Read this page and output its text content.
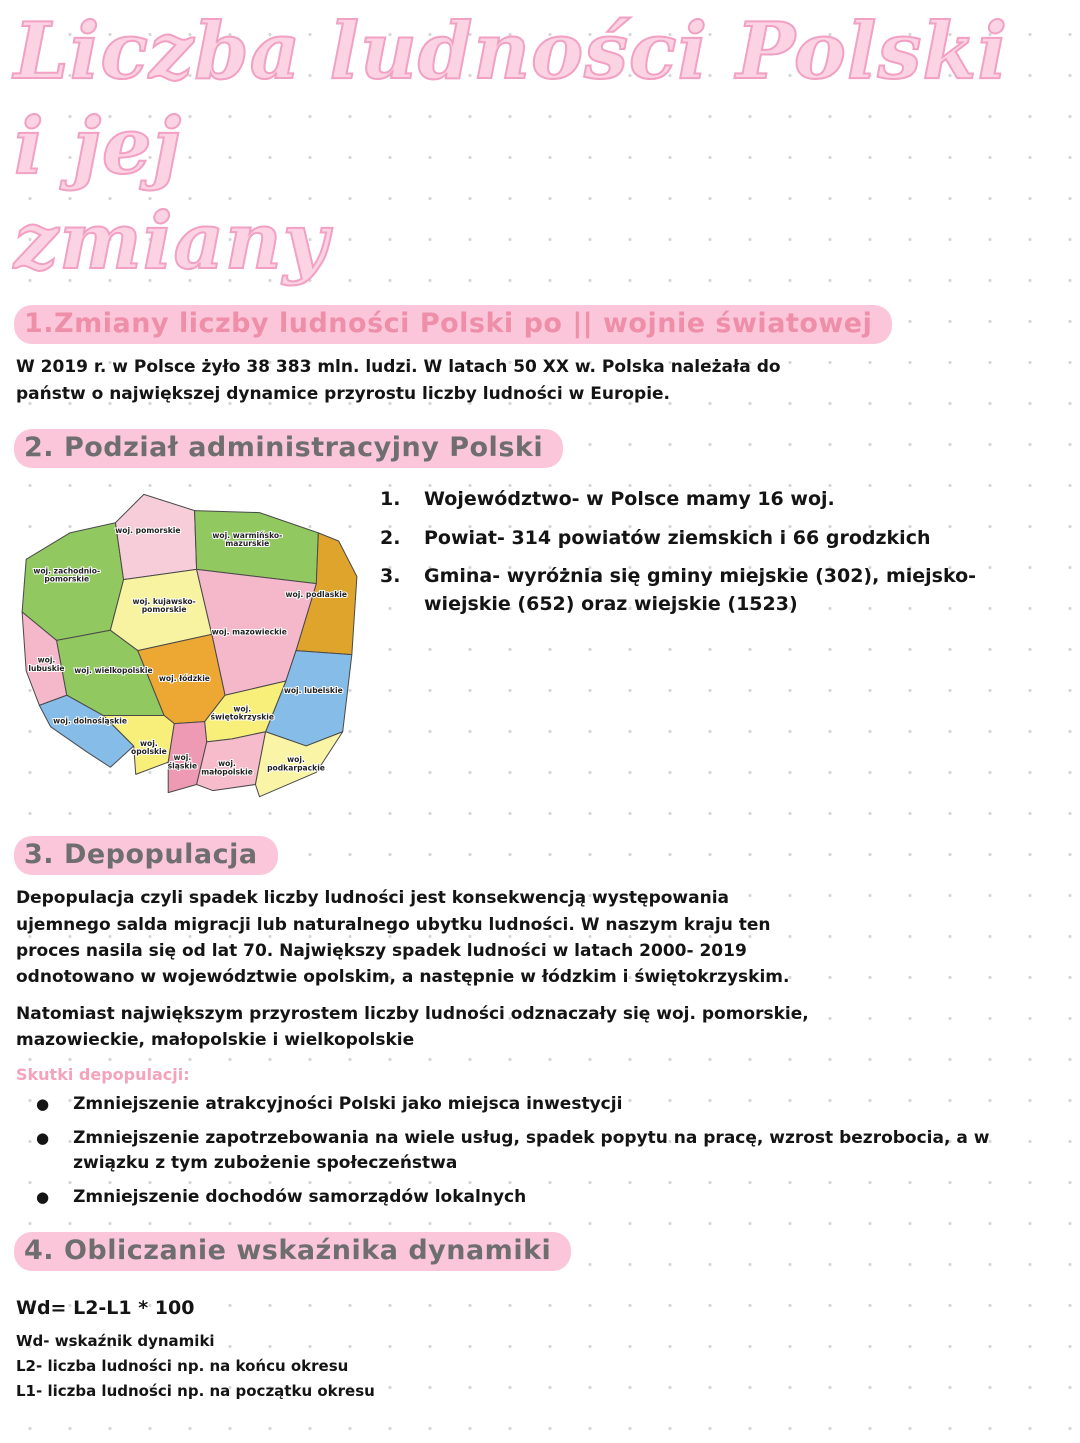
Liczba ludności Polski i jej
zmiany
1.Zmiany liczby ludności Polski po || wojnie światowej

W 2019 r. w Polsce żyło 38 383 mln. ludzi. W latach 50 XX w. Polska należała do państw o największej dynamice przyrostu liczby ludności w Europie.

2. Podział administracyjny Polski
woj. pomorskie
woj. warmińsko-
mazurskie
woj. zachodnio-
pomorskie
woj. kujawsko-
pomorskie
woj. podlaskie
woj. mazowieckie
woj. wielkopolskie
woj.
lubuskie
woj. łódzkie
woj. lubelskie
woj. dolnośląskie
woj.
opolskie
woj.
śląskie
woj.
świętokrzyskie
woj.
małopolskie
woj.
podkarpackie
1. Województwo- w Polsce mamy 16 woj.
2. Powiat- 314 powiatów ziemskich i 66 grodzkich
3. Gmina- wyróżnia się gminy miejskie (302), miejsko-wiejskie (652) oraz wiejskie (1523)
3. Depopulacja

Depopulacja czyli spadek liczby ludności jest konsekwencją występowania ujemnego salda migracji lub naturalnego ubytku ludności. W naszym kraju ten proces nasila się od lat 70. Największy spadek ludności w latach 2000- 2019 odnotowano w województwie opolskim, a następnie w łódzkim i świętokrzyskim.

Natomiast największym przyrostem liczby ludności odznaczały się woj. pomorskie, mazowieckie, małopolskie i wielkopolskie

Skutki depopulacji:
● Zmniejszenie atrakcyjności Polski jako miejsca inwestycji
● Zmniejszenie zapotrzebowania na wiele usług, spadek popytu na pracę, wzrost bezrobocia, a w związku z tym zubożenie społeczeństwa
● Zmniejszenie dochodów samorządów lokalnych
4. Obliczanie wskaźnika dynamiki
Wd= L2-L1 * 100
Wd- wskaźnik dynamiki
L2- liczba ludności np. na końcu okresu
L1- liczba ludności np. na początku okresu
